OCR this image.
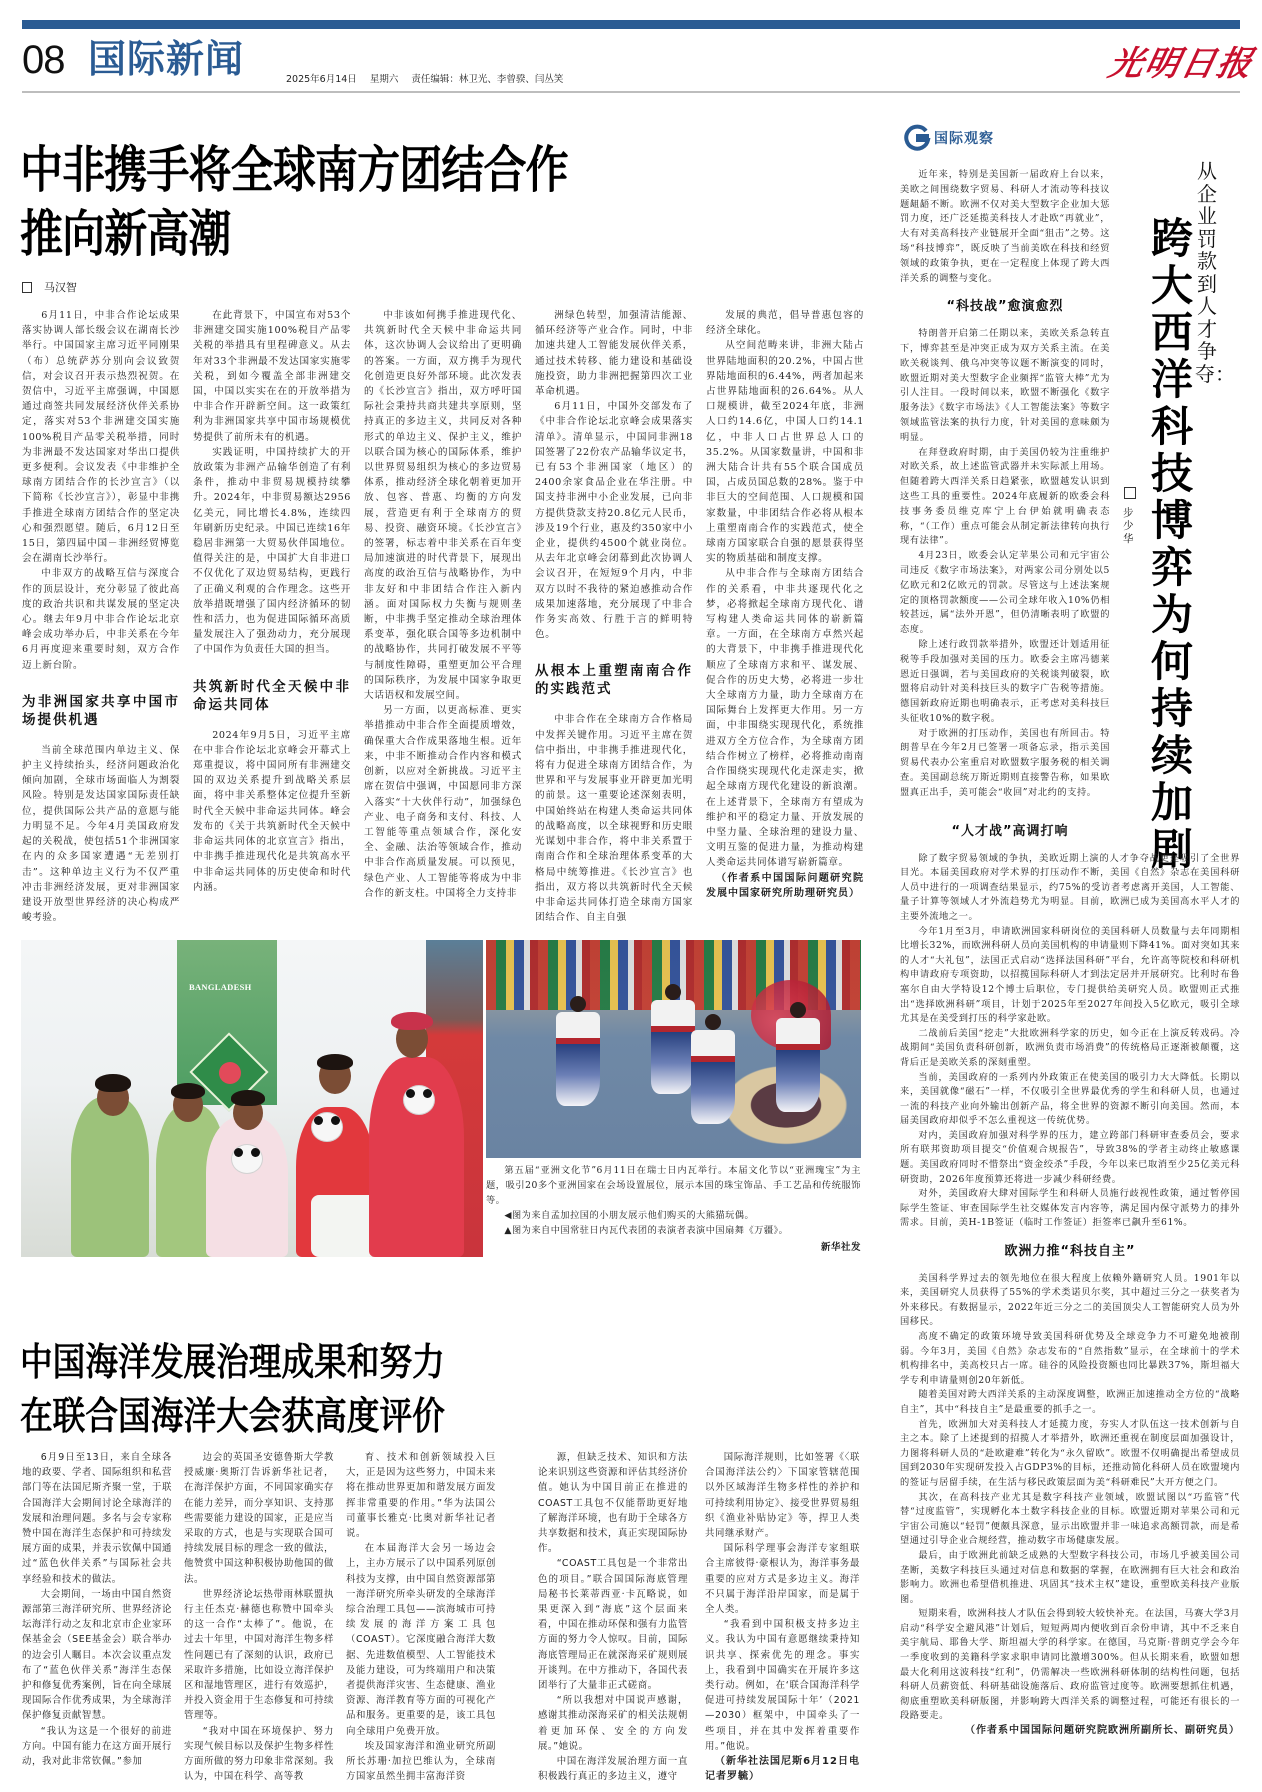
08 国际新闻	2025年6月14日 星期六 责任编辑：林卫光、李曾骙、闫丛笑	光明日报
中非携手将全球南方团结合作
推向新高潮
马汉智

6月11日，中非合作论坛成果落实协调人部长级会议在湖南长沙举行。中国国家主席习近平同刚果（布）总统萨苏分别向会议致贺信，对会议召开表示热烈祝贺。在贺信中，习近平主席强调，中国愿通过商签共同发展经济伙伴关系协定，落实对53个非洲建交国实施100%税目产品零关税举措，同时为非洲最不发达国家对华出口提供更多便利。会议发表《中非维护全球南方团结合作的长沙宣言》（以下简称《长沙宣言》），彰显中非携手推进全球南方团结合作的坚定决心和强烈愿望。随后，6月12日至15日，第四届中国－非洲经贸博览会在湖南长沙举行。

中非双方的战略互信与深度合作的顶层设计，充分彰显了彼此高度的政治共识和共谋发展的坚定决心。继去年9月中非合作论坛北京峰会成功举办后，中非关系在今年6月再度迎来重要时刻，双方合作迈上新台阶。

为非洲国家共享中国市场提供机遇

当前全球范围内单边主义、保护主义持续抬头，经济问题政治化倾向加剧，全球市场面临人为割裂风险。特别是发达国家国际责任缺位，提供国际公共产品的意愿与能力明显不足。今年4月美国政府发起的关税战，使包括51个非洲国家在内的众多国家遭遇“无差别打击”。这种单边主义行为不仅严重冲击非洲经济发展，更对非洲国家建设开放型世界经济的决心构成严峻考验。

在此背景下，中国宣布对53个非洲建交国实施100%税目产品零关税的举措具有里程碑意义。从去年对33个非洲最不发达国家实施零关税，到如今覆盖全部非洲建交国，中国以实实在在的开放举措为中非合作开辟新空间。这一政策红利为非洲国家共享中国市场规模优势提供了前所未有的机遇。

实践证明，中国持续扩大的开放政策为非洲产品输华创造了有利条件，推动中非贸易规模持续攀升。2024年，中非贸易额达2956亿美元，同比增长4.8%，连续四年刷新历史纪录。中国已连续16年稳居非洲第一大贸易伙伴国地位。值得关注的是，中国扩大自非进口不仅优化了双边贸易结构，更践行了正确义利观的合作理念。这些开放举措既增强了国内经济循环的韧性和活力，也为促进国际循环高质量发展注入了强劲动力，充分展现了中国作为负责任大国的担当。

共筑新时代全天候中非命运共同体

2024年9月5日，习近平主席在中非合作论坛北京峰会开幕式上郑重提议，将中国同所有非洲建交国的双边关系提升到战略关系层面，将中非关系整体定位提升至新时代全天候中非命运共同体。峰会发布的《关于共筑新时代全天候中非命运共同体的北京宣言》指出，中非携手推进现代化是共筑高水平中非命运共同体的历史使命和时代内涵。

中非该如何携手推进现代化、共筑新时代全天候中非命运共同体，这次协调人会议给出了更明确的答案。一方面，双方携手为现代化创造更良好外部环境。此次发表的《长沙宣言》指出，双方呼吁国际社会秉持共商共建共享原则，坚持真正的多边主义，共同反对各种形式的单边主义、保护主义，维护以联合国为核心的国际体系，维护以世界贸易组织为核心的多边贸易体系，推动经济全球化朝着更加开放、包容、普惠、均衡的方向发展，营造更有利于全球南方的贸易、投资、融资环境。《长沙宣言》的签署，标志着中非关系在百年变局加速演进的时代背景下，展现出高度的政治互信与战略协作，为中非友好和中非团结合作注入新内涵。面对国际权力失衡与规则垄断，中非携手坚定推动全球治理体系变革，强化联合国等多边机制中的战略协作，共同打破发展不平等与制度性障碍，重塑更加公平合理的国际秩序，为发展中国家争取更大话语权和发展空间。

另一方面，以更高标准、更实举措推动中非合作全面提质增效，确保重大合作成果落地生根。近年来，中非不断推动合作内容和模式创新，以应对全新挑战。习近平主席在贺信中强调，中国愿同非方深入落实“十大伙伴行动”，加强绿色产业、电子商务和支付、科技、人工智能等重点领域合作，深化安全、金融、法治等领域合作，推动中非合作高质量发展。可以预见，绿色产业、人工智能等将成为中非合作的新支柱。中国将全力支持非

洲绿色转型，加强清洁能源、循环经济等产业合作。同时，中非加速共建人工智能发展伙伴关系，通过技术转移、能力建设和基础设施投资，助力非洲把握第四次工业革命机遇。

6月11日，中国外交部发布了《中非合作论坛北京峰会成果落实清单》。清单显示，中国同非洲18国签署了22份农产品输华议定书，已有53个非洲国家（地区）的2400余家食品企业在华注册。中国支持非洲中小企业发展，已向非方提供贷款支持20.8亿元人民币，涉及19个行业，惠及约350家中小企业，提供约4500个就业岗位。从去年北京峰会闭幕到此次协调人会议召开，在短短9个月内，中非双方以时不我待的紧迫感推动合作成果加速落地，充分展现了中非合作务实高效、行胜于言的鲜明特色。

从根本上重塑南南合作的实践范式

中非合作在全球南方合作格局中发挥关键作用。习近平主席在贺信中指出，中非携手推进现代化，将有力促进全球南方团结合作，为世界和平与发展事业开辟更加光明的前景。这一重要论述深刻表明，中国始终站在构建人类命运共同体的战略高度，以全球视野和历史眼光谋划中非合作，将中非关系置于南南合作和全球治理体系变革的大格局中统筹推进。《长沙宣言》也指出，双方将以共筑新时代全天候中非命运共同体打造全球南方国家团结合作、自主自强

发展的典范，倡导普惠包容的经济全球化。

从空间范畴来讲，非洲大陆占世界陆地面积的20.2%，中国占世界陆地面积的6.44%，两者加起来占世界陆地面积的26.64%。从人口规模讲，截至2024年底，非洲人口约14.6亿，中国人口约14.1亿，中非人口占世界总人口的35.2%。从国家数量讲，中国和非洲大陆合计共有55个联合国成员国，占成员国总数的28%。鉴于中非巨大的空间范围、人口规模和国家数量，中非团结合作必将从根本上重塑南南合作的实践范式，使全球南方国家联合自强的愿景获得坚实的物质基础和制度支撑。

从中非合作与全球南方团结合作的关系看，中非共逐现代化之梦，必将掀起全球南方现代化、谱写构建人类命运共同体的崭新篇章。一方面，在全球南方卓然兴起的大背景下，中非携手推进现代化顺应了全球南方求和平、谋发展、促合作的历史大势，必将进一步壮大全球南方力量，助力全球南方在国际舞台上发挥更大作用。另一方面，中非围绕实现现代化，系统推进双方全方位合作，为全球南方团结合作树立了榜样，必将推动南南合作围绕实现现代化走深走实，掀起全球南方现代化建设的新浪潮。在上述背景下，全球南方有望成为维护和平的稳定力量、开放发展的中坚力量、全球治理的建设力量、文明互鉴的促进力量，为推动构建人类命运共同体谱写崭新篇章。

（作者系中国国际问题研究院发展中国家研究所助理研究员）

BANGLADESH

第五届“亚洲文化节”6月11日在瑞士日内瓦举行。本届文化节以“亚洲瑰宝”为主题，吸引20多个亚洲国家在会场设置展位，展示本国的珠宝饰品、手工艺品和传统服饰等。

◀图为来自孟加拉国的小朋友展示他们购买的大熊猫玩偶。
▲图为来自中国常驻日内瓦代表团的表演者表演中国扇舞《万疆》。
新华社发
中国海洋发展治理成果和努力
在联合国海洋大会获高度评价

6月9日至13日，来自全球各地的政要、学者、国际组织和私营部门等在法国尼斯齐聚一堂，于联合国海洋大会期间讨论全球海洋的发展和治理问题。多名与会专家称赞中国在海洋生态保护和可持续发展方面的成果，并表示钦佩中国通过“蓝色伙伴关系”与国际社会共享经验和技术的做法。

大会期间，一场由中国自然资源部第三海洋研究所、世界经济论坛海洋行动之友和北京市企业家环保基金会（SEE基金会）联合举办的边会引人瞩目。本次会议重点发布了“蓝色伙伴关系”海洋生态保护和修复优秀案例，旨在向全球展现国际合作优秀成果，为全球海洋保护修复贡献智慧。

“我认为这是一个很好的前进方向。中国有能力在这方面开展行动，我对此非常钦佩。”参加

边会的英国圣安德鲁斯大学教授威廉·奥斯汀告诉新华社记者，在海洋保护方面，不同国家确实存在能力差异，而分享知识、支持那些需要能力建设的国家，正是应当采取的方式，也是与实现联合国可持续发展目标的理念一致的做法，他赞赏中国这种积极协助他国的做法。

世界经济论坛热带雨林联盟执行主任杰克·赫德也称赞中国牵头的这一合作“太棒了”。他说，在过去十年里，中国对海洋生物多样性问题已有了深刻的认识，政府已采取许多措施，比如设立海洋保护区和湿地管理区，进行有效巡护，并投入资金用于生态修复和可持续管理等。

“我对中国在环境保护、努力实现气候目标以及保护生物多样性方面所做的努力印象非常深刻。我认为，中国在科学、高等教

育、技术和创新领域投入巨大，正是因为这些努力，中国未来将在推动世界更加和谐发展方面发挥非常重要的作用。”华为法国公司董事长雅克·比奥对新华社记者说。

在本届海洋大会另一场边会上，主办方展示了以中国系列原创科技为支撑，由中国自然资源部第一海洋研究所牵头研发的全球海洋综合治理工具包——滨海城市可持续发展的海洋方案工具包（COAST）。它深度融合海洋大数据、先进数值模型、人工智能技术及能力建设，可为终端用户和决策者提供海洋灾害、生态健康、渔业资源、海洋教育等方面的可视化产品和服务。更重要的是，该工具包向全球用户免费开放。

埃及国家海洋和渔业研究所副所长苏珊·加拉巴维认为，全球南方国家虽然坐拥丰富海洋资

源，但缺乏技术、知识和方法论来识别这些资源和评估其经济价值。她认为中国目前正在推进的COAST工具包不仅能帮助更好地了解海洋环境，也有助于全球各方共享数据和技术，真正实现国际协作。

“COAST工具包是一个非常出色的项目。”联合国国际海底管理局秘书长莱蒂西亚·卡瓦略说，如果更深入到“海底”这个层面来看，中国在推动环保和强有力监管方面的努力令人惊叹。目前，国际海底管理局正在就深海采矿规则展开谈判。在中方推动下，各国代表团举行了大量非正式磋商。

“所以我想对中国说声感谢，感谢其推动深海采矿的相关法规朝着更加环保、安全的方向发展。”她说。

中国在海洋发展治理方面一直积极践行真正的多边主义，遵守

国际海洋规则，比如签署《〈联合国海洋法公约〉下国家管辖范围以外区域海洋生物多样性的养护和可持续利用协定》、接受世界贸易组织《渔业补贴协定》等，捍卫人类共同继承财产。

国际科学理事会海洋专家组联合主席彼得·豪根认为，海洋事务最重要的应对方式是多边主义。海洋不只属于海洋沿岸国家，而是属于全人类。

“我看到中国积极支持多边主义。我认为中国有意愿继续秉持知识共享、探索优先的理念。事实上，我看到中国确实在开展许多这类行动。例如，在‘联合国海洋科学促进可持续发展国际十年’（2021—2030）框架中，中国牵头了一些项目，并在其中发挥着重要作用。”他说。

（新华社法国尼斯6月12日电　记者罗毓）

国际观察
从企业罚款到人才争夺：
跨大西洋科技博弈为何持续加剧
步少华

近年来，特别是美国新一届政府上台以来，美欧之间围绕数字贸易、科研人才流动等科技议题龃龉不断。欧洲不仅对美大型数字企业加大惩罚力度，还广泛延揽美科技人才赴欧“再就业”，大有对美高科技产业链展开全面“狙击”之势。这场“科技博弈”，既反映了当前美欧在科技和经贸领域的政策争执，更在一定程度上体现了跨大西洋关系的调整与变化。

“科技战”愈演愈烈

特朗普开启第二任期以来，美欧关系急转直下，博弈甚至是冲突正成为双方关系主流。在美欧关税谈判、俄乌冲突等议题不断演变的同时，欧盟近期对美大型数字企业频挥“监管大棒”尤为引人注目。一段时间以来，欧盟不断强化《数字服务法》《数字市场法》《人工智能法案》等数字领域监管法案的执行力度，针对美国的意味颇为明显。

在拜登政府时期，由于美国仍较为注重维护对欧关系，故上述监管武器并未实际派上用场。但随着跨大西洋关系日趋紧张，欧盟越发认识到这些工具的重要性。2024年底履新的欧委会科技事务委员维克库宁上台伊始就明确表态称，“（工作）重点可能会从制定新法律转向执行现有法律”。

4月23日，欧委会认定苹果公司和元宇宙公司违反《数字市场法案》，对两家公司分别处以5亿欧元和2亿欧元的罚款。尽管这与上述法案规定的顶格罚款额度——公司全球年收入10%仍相较甚远，属“法外开恩”，但仍清晰表明了欧盟的态度。

除上述行政罚款举措外，欧盟还计划适用征税等手段加强对美国的压力。欧委会主席冯德莱恩近日强调，若与美国政府的关税谈判破裂，欧盟将启动针对美科技巨头的数字广告税等措施。德国新政府近期也明确表示，正考虑对美科技巨头征收10%的数字税。

对于欧洲的打压动作，美国也有所回击。特朗普早在今年2月已签署一项备忘录，指示美国贸易代表办公室重启对欧盟数字服务税的相关调查。美国副总统万斯近期则直接警告称，如果欧盟真正出手，美可能会“收回”对北约的支持。

“人才战”高调打响

除了数字贸易领域的争执，美欧近期上演的人才争夺战更是吸引了全世界目光。本届美国政府对学术界的打压动作不断，美国《自然》杂志在美国科研人员中进行的一项调查结果显示，约75%的受访者考虑离开美国，人工智能、量子计算等领域人才外流趋势尤为明显。目前，欧洲已成为美国高水平人才的主要外流地之一。

今年1月至3月，申请欧洲国家科研岗位的美国科研人员数量与去年同期相比增长32%，而欧洲科研人员向美国机构的申请量则下降41%。面对突如其来的人才“大礼包”，法国正式启动“选择法国科研”平台，允许高等院校和科研机构申请政府专项资助，以招揽国际科研人才到法定居并开展研究。比利时布鲁塞尔自由大学特设12个博士后职位，专门提供给美研究人员。欧盟则正式推出“选择欧洲科研”项目，计划于2025年至2027年间投入5亿欧元，吸引全球尤其是在美受到打压的科学家赴欧。

二战前后美国“挖走”大批欧洲科学家的历史，如今正在上演反转戏码。冷战期间“美国负责科研创新，欧洲负责市场消费”的传统格局正逐渐被颠覆，这背后正是美欧关系的深刻重塑。

当前，美国政府的一系列内外政策正在使美国的吸引力大大降低。长期以来，美国就像“磁石”一样，不仅吸引全世界最优秀的学生和科研人员，也通过一流的科技产业向外输出创新产品，将全世界的资源不断引向美国。然而，本届美国政府却似乎不怎么重视这一传统优势。

对内，美国政府加强对科学界的压力，建立跨部门科研审查委员会，要求所有联邦资助项目提交“价值观合规报告”，导致38%的学者主动终止敏感课题。美国政府同时不惜祭出“资金绞杀”手段，今年以来已取消至少25亿美元科研资助，2026年度预算还将进一步减少科研经费。

对外，美国政府大肆对国际学生和科研人员施行歧视性政策，通过暂停国际学生签证、审查国际学生社交媒体发言内容等，满足国内保守派势力的排外需求。目前，美H-1B签证（临时工作签证）拒签率已飙升至61%。

欧洲力推“科技自主”

美国科学界过去的领先地位在很大程度上依赖外籍研究人员。1901年以来，美国研究人员获得了55%的学术类诺贝尔奖，其中超过三分之一获奖者为外来移民。有数据显示，2022年近三分之二的美国顶尖人工智能研究人员为外国移民。

高度不确定的政策环境导致美国科研优势及全球竞争力不可避免地被削弱。今年3月，美国《自然》杂志发布的“自然指数”显示，在全球前十的学术机构排名中，美高校只占一席。硅谷的风险投资额也同比暴跌37%，斯坦福大学专利申请量则创20年新低。

随着美国对跨大西洋关系的主动深度调整，欧洲正加速推动全方位的“战略自主”，其中“科技自主”是最重要的抓手之一。

首先，欧洲加大对美科技人才延揽力度，夯实人才队伍这一技术创新与自主之本。除了上述提到的招揽人才举措外，欧洲还重视在制度层面加强设计，力图将科研人员的“赴欧避难”转化为“永久留欧”。欧盟不仅明确提出希望成员国到2030年实现研发投入占GDP3%的目标，还推动简化科研人员在欧盟境内的签证与居留手续，在生活与移民政策层面为美“科研难民”大开方便之门。

其次，在高科技产业尤其是数字科技产业领域，欧盟试图以“巧监管”代替“过度监管”，实现孵化本土数字科技企业的目标。欧盟近期对苹果公司和元宇宙公司施以“轻罚”便颇具深意，显示出欧盟并非一味追求高额罚款，而是希望通过引导企业合规经营，推动数字市场健康发展。

最后，由于欧洲此前缺乏成熟的大型数字科技公司，市场几乎被美国公司垄断，美数字科技巨头通过对信息和数据的掌握，在欧洲拥有巨大社会和政治影响力。欧洲也希望借机推进、巩固其“技术主权”建设，重塑欧美科技产业版图。

短期来看，欧洲科技人才队伍会得到较大较快补充。在法国，马赛大学3月启动“科学安全避风港”计划后，短短两周内便收到百余份申请，其中不乏来自美宇航局、耶鲁大学、斯坦福大学的科学家。在德国，马克斯·普朗克学会今年一季度收到的美籍科学家求职申请同比激增300%。但从长期来看，欧盟如想最大化利用这波科技“红利”，仍需解决一些欧洲科研体制的结构性问题，包括科研人员薪资低、科研基础设施落后、政府监管过度等。欧洲要想抓住机遇，彻底重塑欧美科研版图，并影响跨大西洋关系的调整过程，可能还有很长的一段路要走。

（作者系中国国际问题研究院欧洲所副所长、副研究员）
